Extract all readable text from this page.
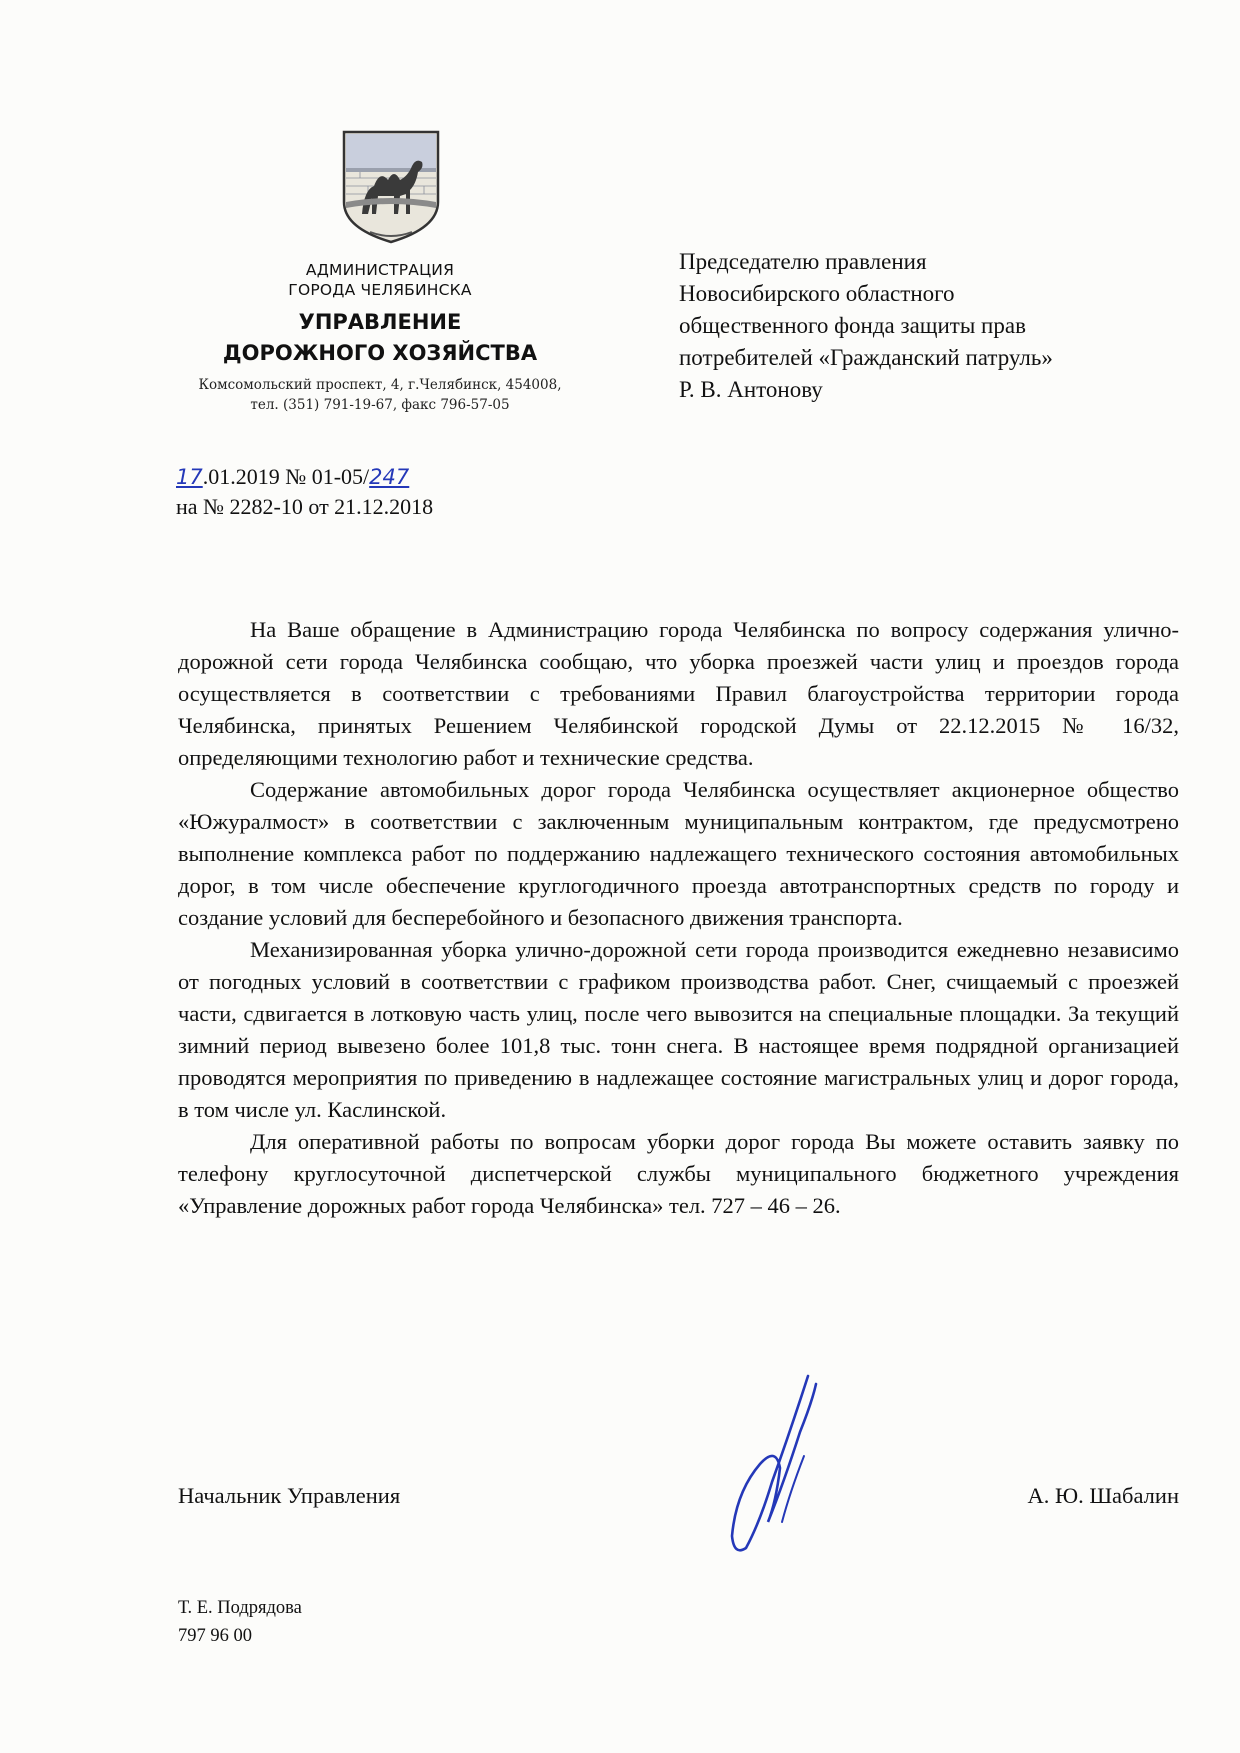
АДМИНИСТРАЦИЯ
ГОРОДА ЧЕЛЯБИНСКА
УПРАВЛЕНИЕ
ДОРОЖНОГО ХОЗЯЙСТВА
Комсомольский проспект, 4, г.Челябинск, 454008,
тел. (351) 791-19-67, факс 796-57-05
17.01.2019 № 01-05/247
на № 2282-10 от 21.12.2018
Председателю правления
Новосибирского областного
общественного фонда защиты прав
потребителей «Гражданский патруль»
Р. В. Антонову

На Ваше обращение в Администрацию города Челябинска по вопросу содержания улично-дорожной сети города Челябинска сообщаю, что уборка проезжей части улиц и проездов города осуществляется в соответствии с требованиями Правил благоустройства территории города Челябинска, принятых Решением Челябинской городской Думы от 22.12.2015 № 16/32, определяющими технологию работ и технические средства.

Содержание автомобильных дорог города Челябинска осуществляет акционерное общество «Южуралмост» в соответствии с заключенным муниципальным контрактом, где предусмотрено выполнение комплекса работ по поддержанию надлежащего технического состояния автомобильных дорог, в том числе обеспечение круглогодичного проезда автотранспортных средств по городу и создание условий для бесперебойного и безопасного движения транспорта.

Механизированная уборка улично-дорожной сети города производится ежедневно независимо от погодных условий в соответствии с графиком производства работ. Снег, счищаемый с проезжей части, сдвигается в лотковую часть улиц, после чего вывозится на специальные площадки. За текущий зимний период вывезено более 101,8 тыс. тонн снега. В настоящее время подрядной организацией проводятся мероприятия по приведению в надлежащее состояние магистральных улиц и дорог города, в том числе ул. Каслинской.

Для оперативной работы по вопросам уборки дорог города Вы можете оставить заявку по телефону круглосуточной диспетчерской службы муниципального бюджетного учреждения «Управление дорожных работ города Челябинска» тел. 727 – 46 – 26.

Начальник Управления	А. Ю. Шабалин
Т. Е. Подрядова
797 96 00
